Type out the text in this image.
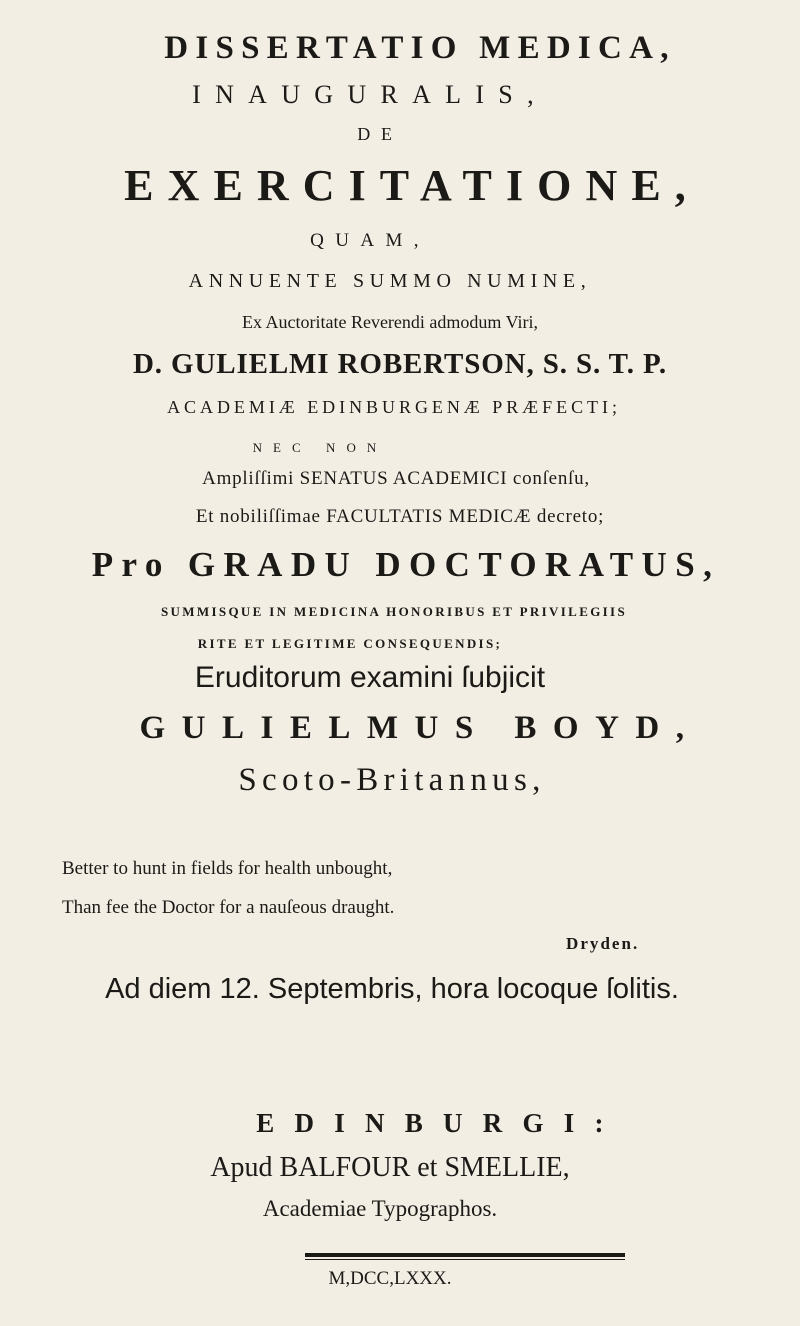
DISSERTATIO MEDICA,
INAUGURALIS,
DE
EXERCITATIONE,
QUAM,
ANNUENTE SUMMO NUMINE,
Ex Auctoritate Reverendi admodum Viri,
D. GULIELMI ROBERTSON, S. S. T. P.
ACADEMIÆ EDINBURGENÆ PRÆFECTI;
NEC NON
Ampliſſimi SENATUS ACADEMICI conſenſu,
Et nobiliſſimae FACULTATIS MEDICÆ decreto;
Pro GRADU DOCTORATUS,
SUMMISQUE IN MEDICINA HONORIBUS ET PRIVILEGIIS
RITE ET LEGITIME CONSEQUENDIS;
Eruditorum examini ſubjicit
GULIELMUS BOYD,
Scoto-Britannus,
Better to hunt in fields for health unbought,
Than fee the Doctor for a nauſeous draught.
Dryden.
Ad diem 12. Septembris, hora locoque ſolitis.
EDINBURGI:
Apud BALFOUR et SMELLIE,
Academiae Typographos.
M,DCC,LXXX.
